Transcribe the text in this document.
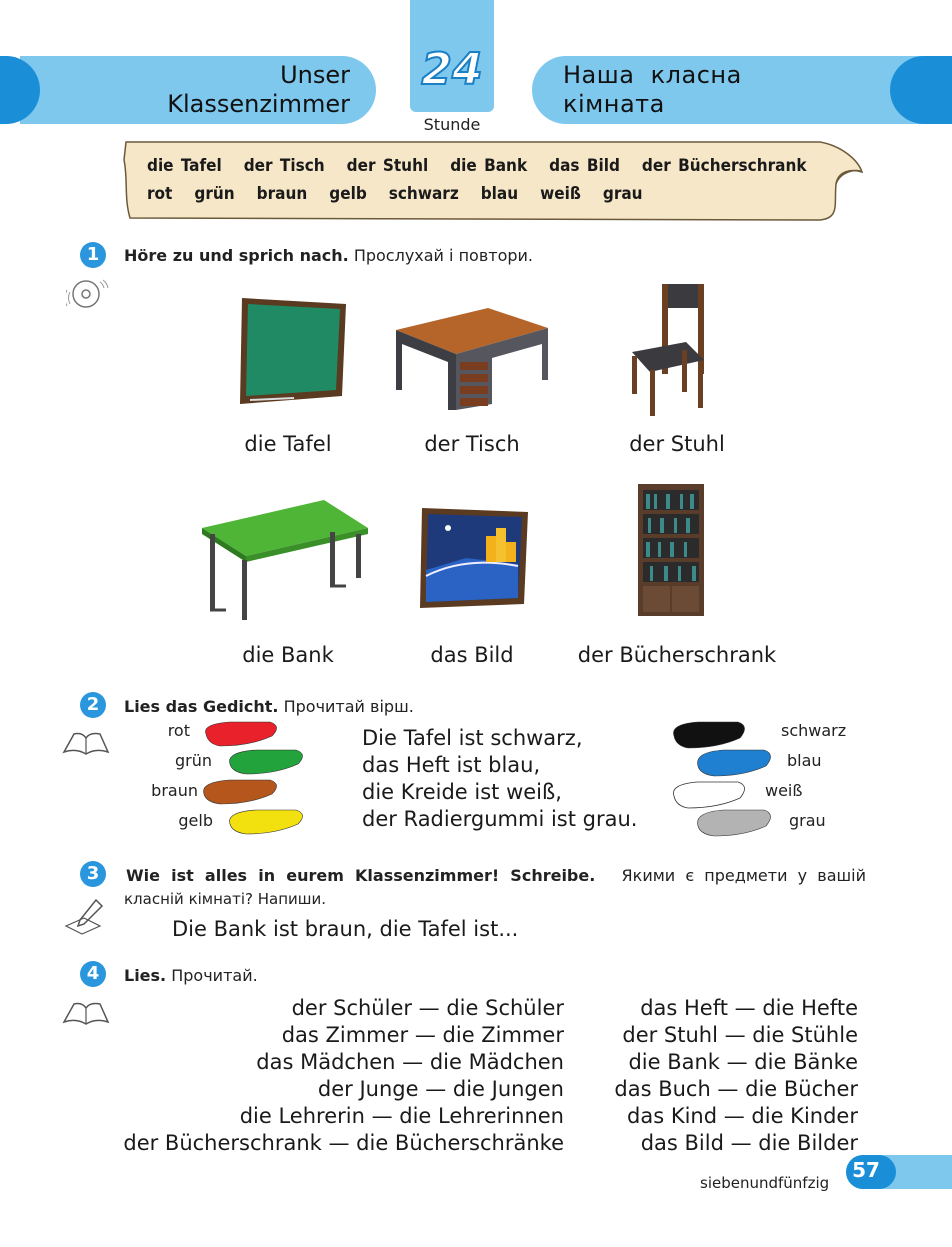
Unser
Klassenzimmer
Наша  класна
кімната
24
Stunde
die Tafel der Tisch der Stuhl die Bank das Bild der Bücherschrank
rot grün braun gelb schwarz blau weiß grau
1	Höre zu und sprich nach. Прослухай і повтори.
die Tafel	der Tisch	der Stuhl
die Bank	das Bild	der Bücherschrank
2	Lies das Gedicht. Прочитай вірш.
rot
grün
braun
gelb
Die Tafel ist schwarz,
das Heft ist blau,
die Kreide ist weiß,
der Radiergummi ist grau.
schwarz
blau
weiß
grau
3	Wie  ist  alles  in  eurem  Klassenzimmer!  Schreibe. Якими  є  предмети  у  вашій
класній кімнаті? Напиши.
Die Bank ist braun, die Tafel ist...
4	Lies. Прочитай.
der Schüler — die Schüler
das Zimmer — die Zimmer
das Mädchen — die Mädchen
der Junge — die Jungen
die Lehrerin — die Lehrerinnen
der Bücherschrank — die Bücherschränke
das Heft — die Hefte
der Stuhl — die Stühle
die Bank — die Bänke
das Buch — die Bücher
das Kind — die Kinder
das Bild — die Bilder
siebenundfünfzig
57
